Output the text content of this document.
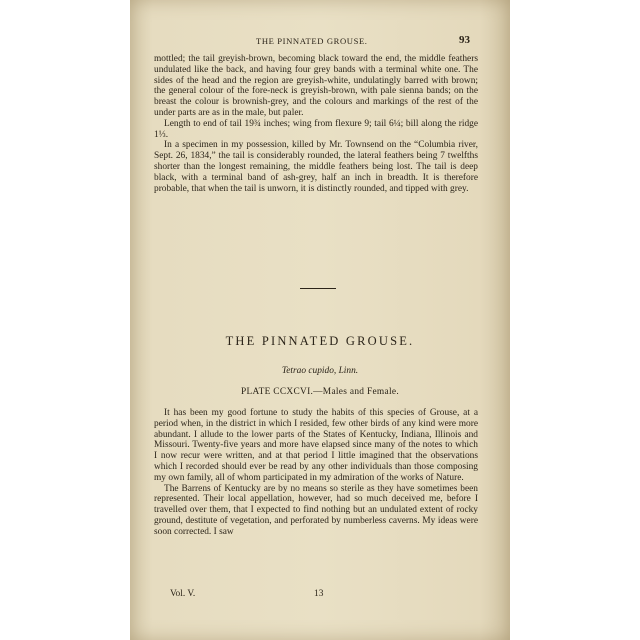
THE PINNATED GROUSE.	93

mottled; the tail greyish-brown, becoming black toward the end, the middle feathers undulated like the back, and having four grey bands with a terminal white one. The sides of the head and the region are greyish-white, undulatingly barred with brown; the general colour of the fore-neck is greyish-brown, with pale sienna bands; on the breast the colour is brownish-grey, and the colours and markings of the rest of the under parts are as in the male, but paler.

Length to end of tail 19¾ inches; wing from flexure 9; tail 6¼; bill along the ridge 1⅓.

In a specimen in my possession, killed by Mr. Townsend on the “Columbia river, Sept. 26, 1834,” the tail is considerably rounded, the lateral feathers being 7 twelfths shorter than the longest remaining, the middle feathers being lost. The tail is deep black, with a terminal band of ash-grey, half an inch in breadth. It is therefore probable, that when the tail is unworn, it is distinctly rounded, and tipped with grey.

THE PINNATED GROUSE.
Tetrao cupido, Linn.
PLATE CCXCVI.—Males and Female.

It has been my good fortune to study the habits of this species of Grouse, at a period when, in the district in which I resided, few other birds of any kind were more abundant. I allude to the lower parts of the States of Kentucky, Indiana, Illinois and Missouri. Twenty-five years and more have elapsed since many of the notes to which I now recur were written, and at that period I little imagined that the observations which I recorded should ever be read by any other individuals than those composing my own family, all of whom participated in my admiration of the works of Nature.

The Barrens of Kentucky are by no means so sterile as they have sometimes been represented. Their local appellation, however, had so much deceived me, before I travelled over them, that I expected to find nothing but an undulated extent of rocky ground, destitute of vegetation, and perforated by numberless caverns. My ideas were soon corrected. I saw

Vol. V.	13
